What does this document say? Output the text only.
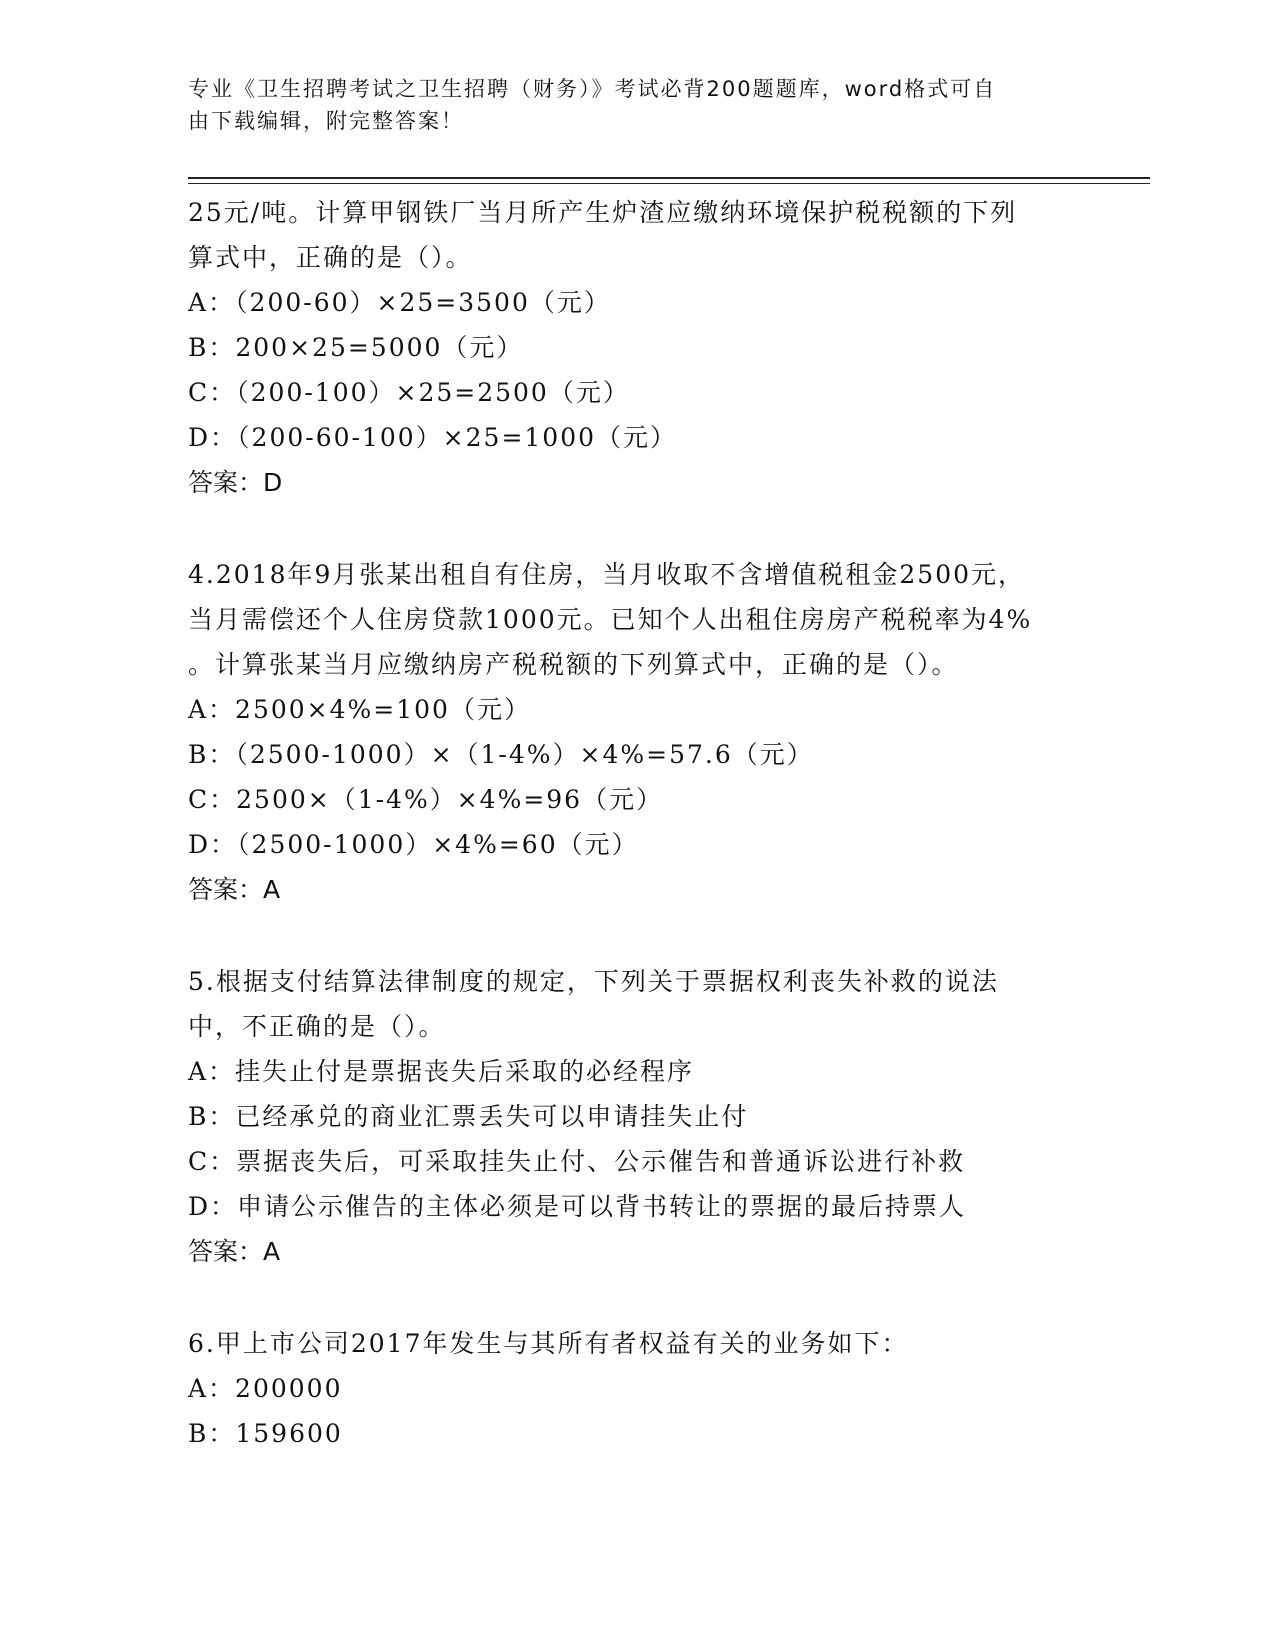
专业《卫生招聘考试之卫生招聘（财务）》考试必背200题题库，word格式可自
由下载编辑，附完整答案！
25元/吨。计算甲钢铁厂当月所产生炉渣应缴纳环境保护税税额的下列
算式中，正确的是（）。
A：（200-60）×25=3500（元）
B：200×25=5000（元）
C：（200-100）×25=2500（元）
D：（200-60-100）×25=1000（元）
答案：D
4.2018年9月张某出租自有住房，当月收取不含增值税租金2500元，
当月需偿还个人住房贷款1000元。已知个人出租住房房产税税率为4%
。计算张某当月应缴纳房产税税额的下列算式中，正确的是（）。
A：2500×4%=100（元）
B：（2500-1000）×（1-4%）×4%=57.6（元）
C：2500×（1-4%）×4%=96（元）
D：（2500-1000）×4%=60（元）
答案：A
5.根据支付结算法律制度的规定，下列关于票据权利丧失补救的说法
中，不正确的是（）。
A：挂失止付是票据丧失后采取的必经程序
B：已经承兑的商业汇票丢失可以申请挂失止付
C：票据丧失后，可采取挂失止付、公示催告和普通诉讼进行补救
D：申请公示催告的主体必须是可以背书转让的票据的最后持票人
答案：A
6.甲上市公司2017年发生与其所有者权益有关的业务如下：
A：200000
B：159600
